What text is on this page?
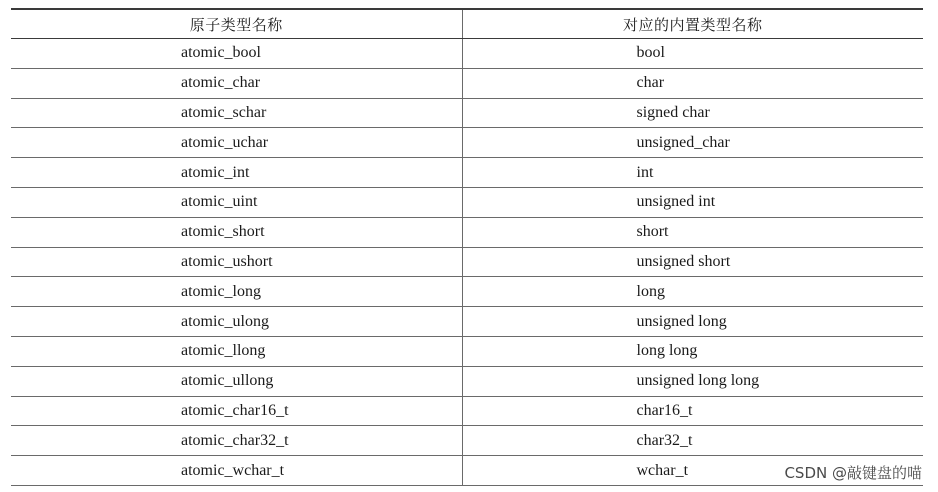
原子类型名称	对应的内置类型名称
atomic_bool	bool
atomic_char	char
atomic_schar	signed char
atomic_uchar	unsigned_char
atomic_int	int
atomic_uint	unsigned int
atomic_short	short
atomic_ushort	unsigned short
atomic_long	long
atomic_ulong	unsigned long
atomic_llong	long long
atomic_ullong	unsigned long long
atomic_char16_t	char16_t
atomic_char32_t	char32_t
atomic_wchar_t	wchar_t	CSDN @敲键盘的喵
